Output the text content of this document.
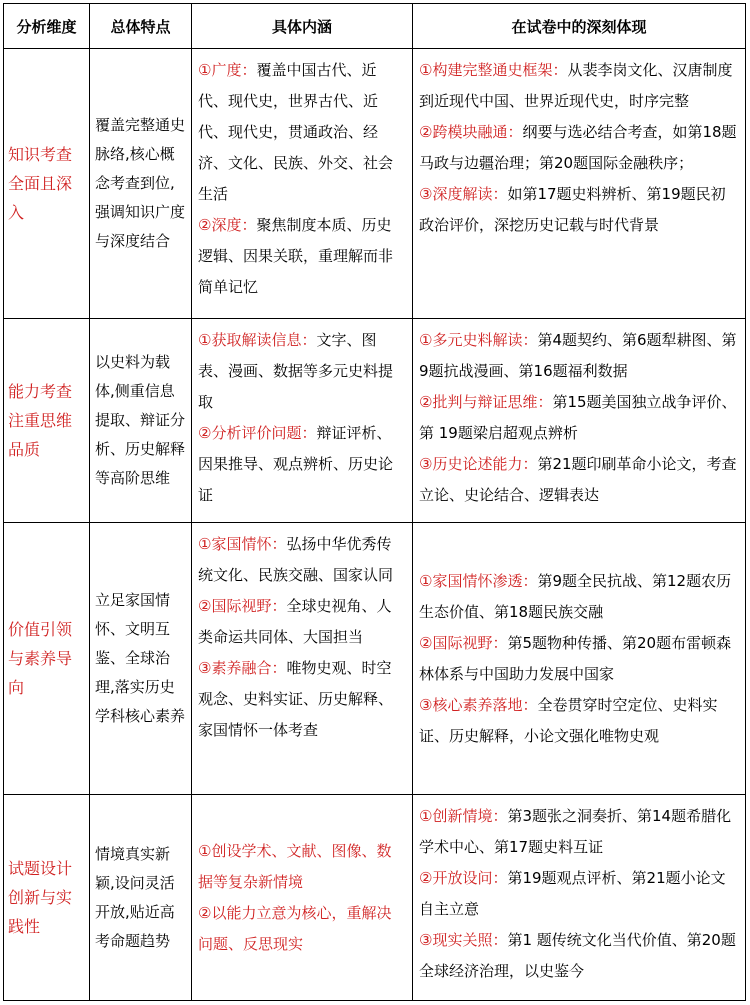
分析维度	总体特点	具体内涵	在试卷中的深刻体现
知识考查全面且深入	覆盖完整通史脉络,核心概念考查到位,强调知识广度与深度结合	①广度：覆盖中国古代、近代、现代史，世界古代、近代、现代史，贯通政治、经济、文化、民族、外交、社会生活
②深度：聚焦制度本质、历史逻辑、因果关联，重理解而非简单记忆	①构建完整通史框架：从裴李岗文化、汉唐制度到近现代中国、世界近现代史，时序完整
②跨模块融通：纲要与选必结合考查，如第18题马政与边疆治理；第20题国际金融秩序；
③深度解读：如第17题史料辨析、第19题民初政治评价，深挖历史记载与时代背景

能力考查注重思维品质	以史料为载体,侧重信息提取、辩证分析、历史解释等高阶思维	①获取解读信息：文字、图表、漫画、数据等多元史料提取
②分析评价问题：辩证评析、因果推导、观点辨析、历史论证	①多元史料解读：第4题契约、第6题犁耕图、第9题抗战漫画、第16题福利数据
②批判与辩证思维：第15题美国独立战争评价、第 19题梁启超观点辨析
③历史论述能力：第21题印刷革命小论文，考查立论、史论结合、逻辑表达

价值引领与素养导向	立足家国情怀、文明互鉴、全球治理,落实历史学科核心素养	①家国情怀：弘扬中华优秀传统文化、民族交融、国家认同
②国际视野：全球史视角、人类命运共同体、大国担当
③素养融合：唯物史观、时空观念、史料实证、历史解释、家国情怀一体考查	①家国情怀渗透：第9题全民抗战、第12题农历生态价值、第18题民族交融
②国际视野：第5题物种传播、第20题布雷顿森林体系与中国助力发展中国家
③核心素养落地：全卷贯穿时空定位、史料实证、历史解释，小论文强化唯物史观

试题设计创新与实践性	情境真实新颖,设问灵活开放,贴近高考命题趋势	①创设学术、文献、图像、数据等复杂新情境
②以能力立意为核心，重解决问题、反思现实	①创新情境：第3题张之洞奏折、第14题希腊化学术中心、第17题史料互证
②开放设问：第19题观点评析、第21题小论文自主立意
③现实关照：第1 题传统文化当代价值、第20题全球经济治理，以史鉴今
